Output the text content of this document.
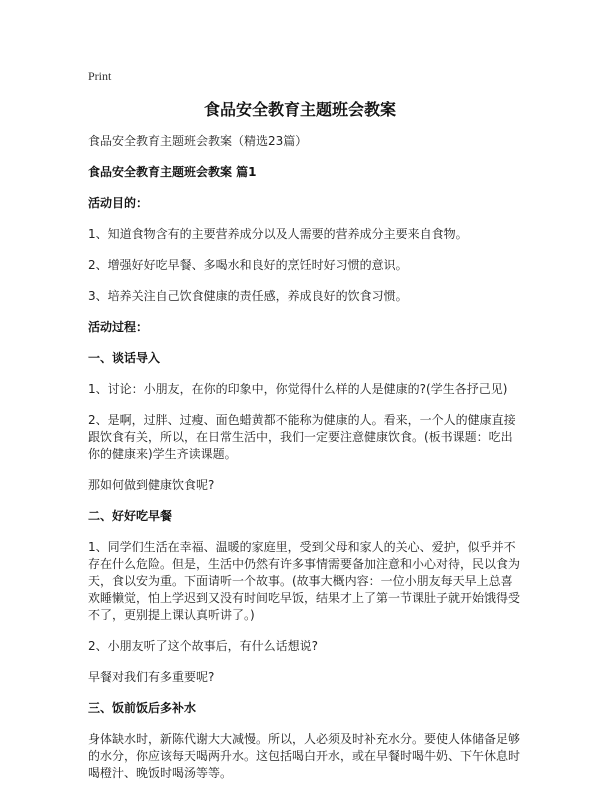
Print
食品安全教育主题班会教案

食品安全教育主题班会教案（精选23篇）

食品安全教育主题班会教案 篇1

活动目的：

1、知道食物含有的主要营养成分以及人需要的营养成分主要来自食物。

2、增强好好吃早餐、多喝水和良好的烹饪时好习惯的意识。

3、培养关注自己饮食健康的责任感，养成良好的饮食习惯。

活动过程：

一、谈话导入

1、讨论：小朋友，在你的印象中，你觉得什么样的人是健康的?(学生各抒己见)

2、是啊，过胖、过瘦、面色蜡黄都不能称为健康的人。看来，一个人的健康直接跟饮食有关，所以，在日常生活中，我们一定要注意健康饮食。(板书课题：吃出你的健康来)学生齐读课题。

那如何做到健康饮食呢?

二、好好吃早餐

1、同学们生活在幸福、温暖的家庭里，受到父母和家人的关心、爱护，似乎并不存在什么危险。但是，生活中仍然有许多事情需要备加注意和小心对待，民以食为天，食以安为重。下面请听一个故事。(故事大概内容：一位小朋友每天早上总喜欢睡懒觉，怕上学迟到又没有时间吃早饭，结果才上了第一节课肚子就开始饿得受不了，更别提上课认真听讲了。)

2、小朋友听了这个故事后，有什么话想说?

早餐对我们有多重要呢?

三、饭前饭后多补水

身体缺水时，新陈代谢大大减慢。所以，人必须及时补充水分。要使人体储备足够的水分，你应该每天喝两升水。这包括喝白开水，或在早餐时喝牛奶、下午休息时喝橙汁、晚饭时喝汤等等。
